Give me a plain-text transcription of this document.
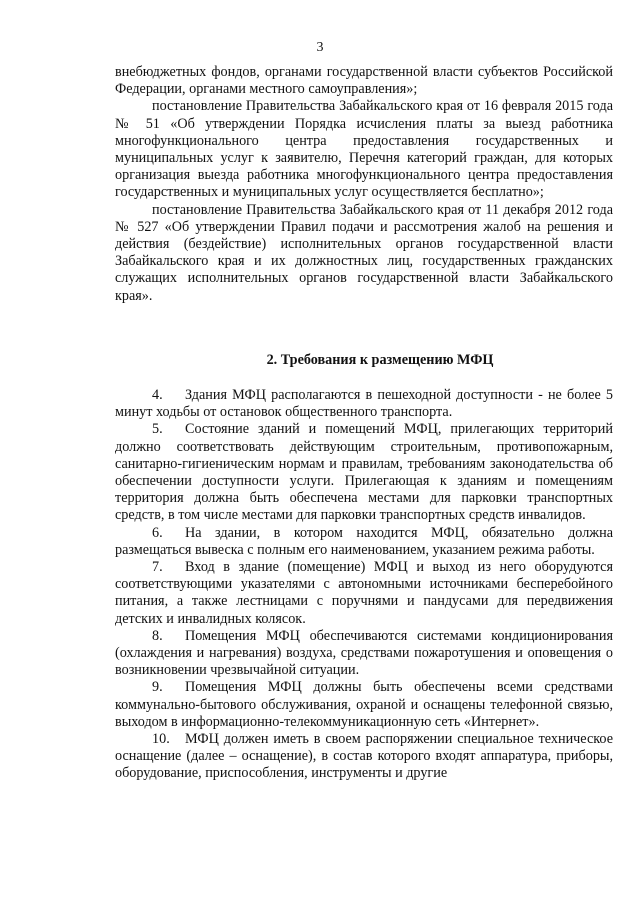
3

внебюджетных фондов, органами государственной власти субъектов Российской Федерации, органами местного самоуправления»;

постановление Правительства Забайкальского края от 16 февраля 2015 года № 51 «Об утверждении Порядка исчисления платы за выезд работника многофункционального центра предоставления государственных и муниципальных услуг к заявителю, Перечня категорий граждан, для которых организация выезда работника многофункционального центра предоставления государственных и муниципальных услуг осуществляется бесплатно»;

постановление Правительства Забайкальского края от 11 декабря 2012 года № 527 «Об утверждении Правил подачи и рассмотрения жалоб на решения и действия (бездействие) исполнительных органов государственной власти Забайкальского края и их должностных лиц, государственных гражданских служащих исполнительных органов государственной власти Забайкальского края».

2. Требования к размещению МФЦ

4. Здания МФЦ располагаются в пешеходной доступности - не более 5 минут ходьбы от остановок общественного транспорта.

5. Состояние зданий и помещений МФЦ, прилегающих территорий должно соответствовать действующим строительным, противопожарным, санитарно-гигиеническим нормам и правилам, требованиям законодательства об обеспечении доступности услуги. Прилегающая к зданиям и помещениям территория должна быть обеспечена местами для парковки транспортных средств, в том числе местами для парковки транспортных средств инвалидов.

6. На здании, в котором находится МФЦ, обязательно должна размещаться вывеска с полным его наименованием, указанием режима работы.

7. Вход в здание (помещение) МФЦ и выход из него оборудуются соответствующими указателями с автономными источниками бесперебойного питания, а также лестницами с поручнями и пандусами для передвижения детских и инвалидных колясок.

8. Помещения МФЦ обеспечиваются системами кондиционирования (охлаждения и нагревания) воздуха, средствами пожаротушения и оповещения о возникновении чрезвычайной ситуации.

9. Помещения МФЦ должны быть обеспечены всеми средствами коммунально-бытового обслуживания, охраной и оснащены телефонной связью, выходом в информационно-телекоммуникационную сеть «Интернет».

10. МФЦ должен иметь в своем распоряжении специальное техническое оснащение (далее – оснащение), в состав которого входят аппаратура, приборы, оборудование, приспособления, инструменты и другие
